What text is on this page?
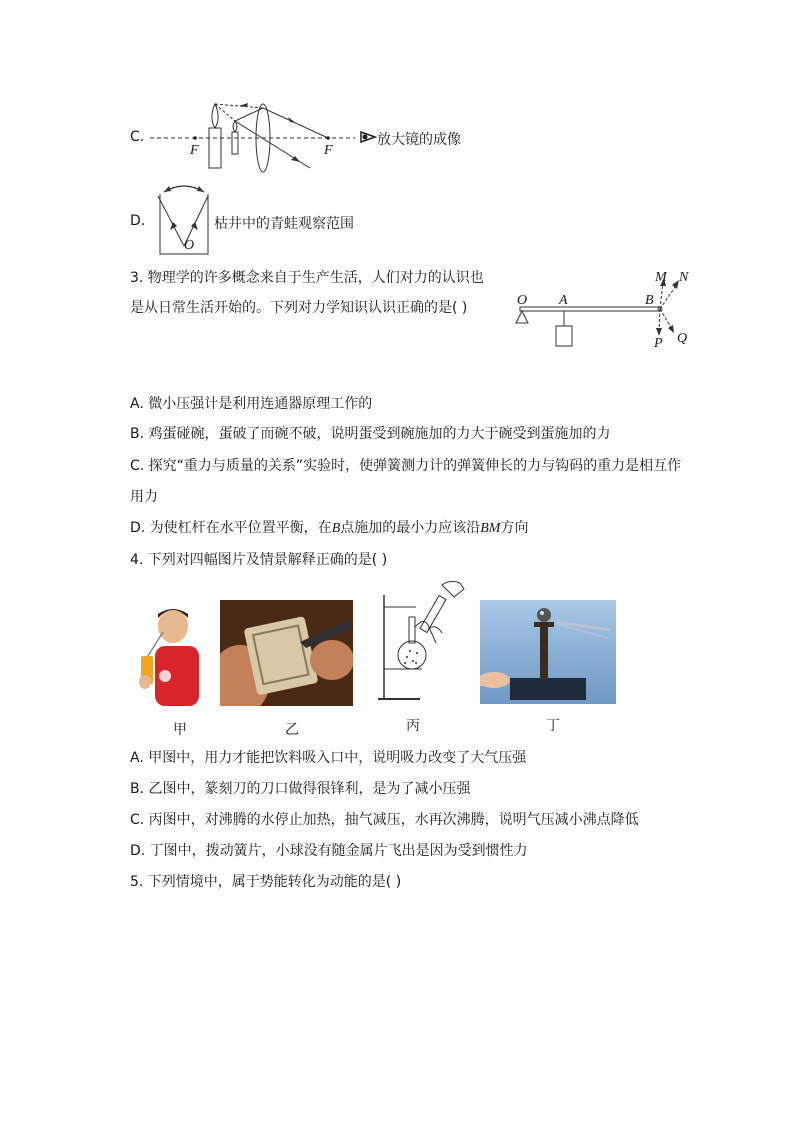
C.
F	F
放大镜的成像
D.
O
枯井中的青蛙观察范围
3. 物理学的许多概念来自于生产生活，人们对力的认识也
是从日常生活开始的。下列对力学知识认识正确的是( )	O A	B
M N
P Q
A. 微小压强计是利用连通器原理工作的
B. 鸡蛋碰碗，蛋破了而碗不破，说明蛋受到碗施加的力大于碗受到蛋施加的力
C. 探究“重力与质量的关系”实验时，使弹簧测力计的弹簧伸长的力与钩码的重力是相互作
用力
D. 为使杠杆在水平位置平衡，在B点施加的最小力应该沿BM方向
4. 下列对四幅图片及情景解释正确的是( )
甲	乙	丙	丁
A. 甲图中，用力才能把饮料吸入口中，说明吸力改变了大气压强
B. 乙图中，篆刻刀的刀口做得很锋利，是为了减小压强
C. 丙图中，对沸腾的水停止加热，抽气减压，水再次沸腾，说明气压减小沸点降低
D. 丁图中，拨动簧片，小球没有随金属片飞出是因为受到惯性力
5. 下列情境中，属于势能转化为动能的是( )
